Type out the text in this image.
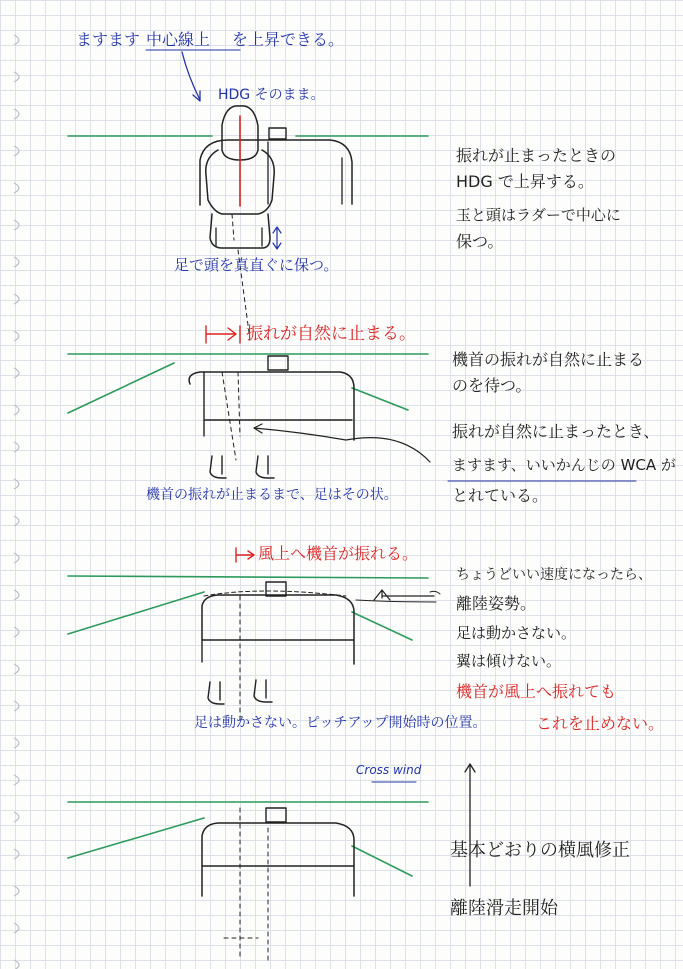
ますます 中心線上 を上昇できる。
HDG そのまま。
足で頭を真直ぐに保つ。
振れが止まったときの
HDG で上昇する。
玉と頭はラダーで中心に
保つ。
振れが自然に止まる。
機首の振れが自然に止まる
のを待つ。
振れが自然に止まったとき、
ますます、いいかんじの WCA が
とれている。
機首の振れが止まるまで、足はその状。
風上へ機首が振れる。
ちょうどいい速度になったら、
離陸姿勢。
足は動かさない。
翼は傾けない。
機首が風上へ振れても
これを止めない。
足は動かさない。ピッチアップ開始時の位置。
Cross wind
基本どおりの横風修正
離陸滑走開始
